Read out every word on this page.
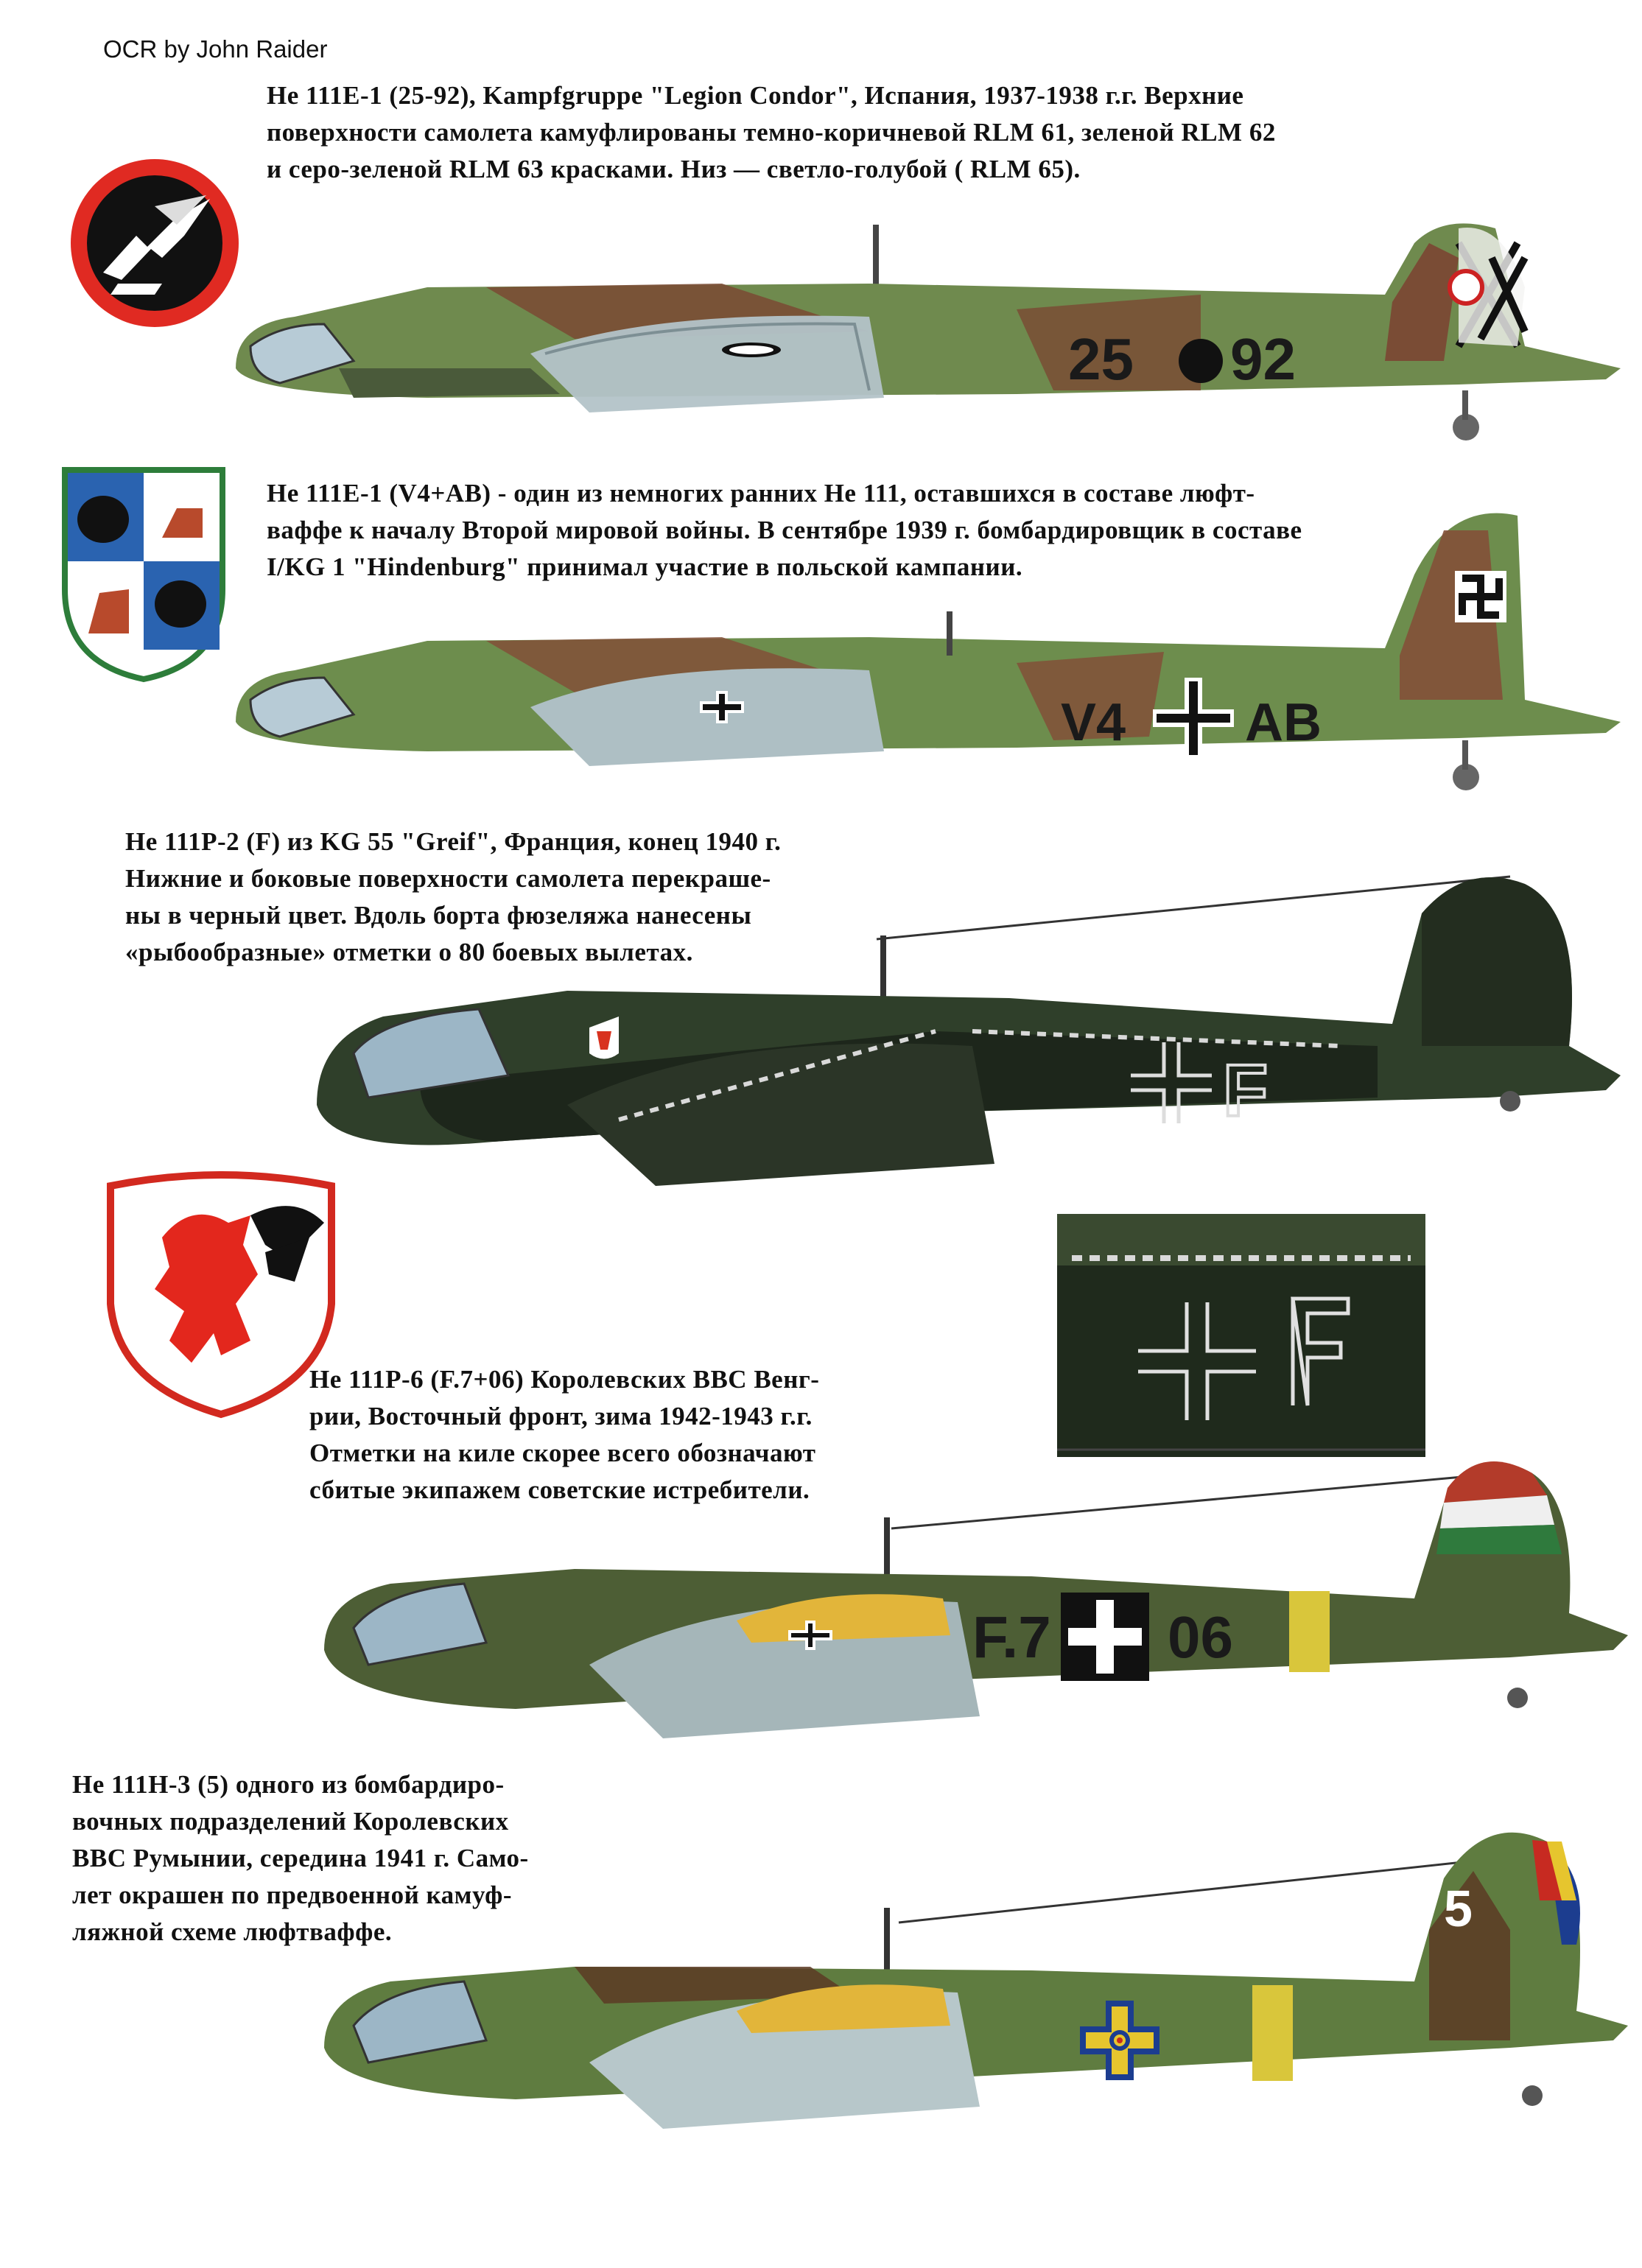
OCR by John Raider
He 111E-1 (25-92), Kampfgruppe "Legion Condor", Испания, 1937-1938 г.г. Верхние
поверхности самолета камуфлированы темно-коричневой RLM 61, зеленой RLM 62
и серо-зеленой RLM 63 красками. Низ — светло-голубой ( RLM 65).
25 92
He 111E-1 (V4+AB) - один из немногих ранних Не 111, оставшихся в составе люфт-
ваффе к началу Второй мировой войны. В сентябре 1939 г. бомбардировщик в составе
I/KG 1 "Hindenburg" принимал участие в польской кампании.
V4 AB
He 111P-2 (F) из KG 55 "Greif", Франция, конец 1940 г.
Нижние и боковые поверхности самолета перекраше-
ны в черный цвет. Вдоль борта фюзеляжа нанесены
«рыбообразные» отметки о 80 боевых вылетах.
F
He 111P-6 (F.7+06) Королевских ВВС Венг-
рии, Восточный фронт, зима 1942-1943 г.г.
Отметки на киле скорее всего обозначают
сбитые экипажем советские истребители.
F.7 06
He 111H-3 (5) одного из бомбардиро-
вочных подразделений Королевских
ВВС Румынии, середина 1941 г. Само-
лет окрашен по предвоенной камуф-
ляжной схеме люфтваффе.	5
